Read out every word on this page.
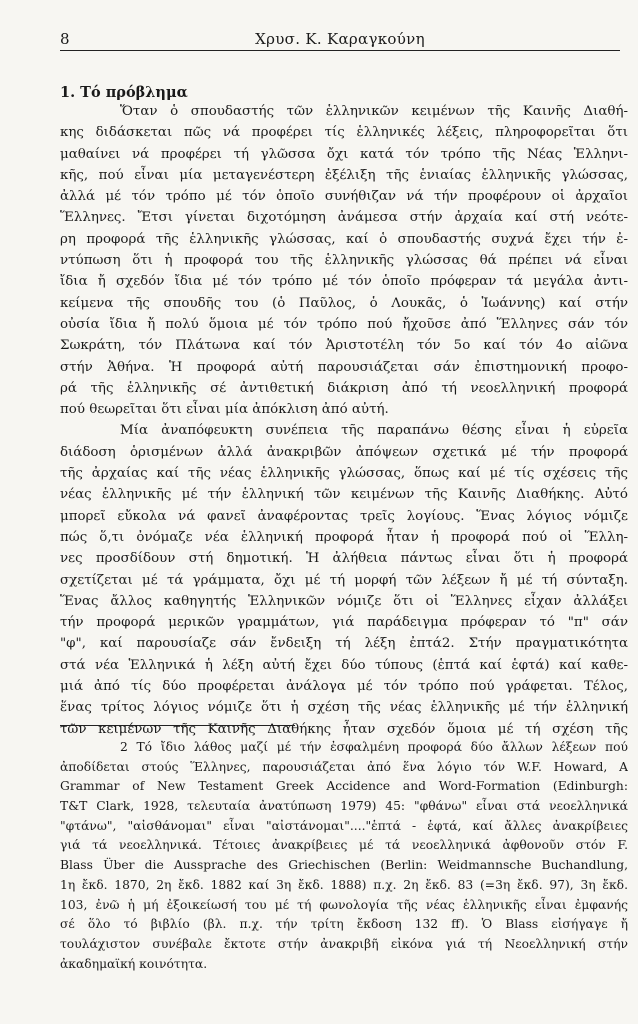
8	Χρυσ. Κ. Καραγκούνη
1. Τό πρόβλημα
Ὅταν ὁ σπουδαστής τῶν ἑλληνικῶν κειμένων τῆς Καινῆς Διαθή-
κης διδάσκεται πῶς νά προφέρει τίς ἑλληνικές λέξεις, πληροφορεῖται ὅτι
μαθαίνει νά προφέρει τή γλῶσσα ὄχι κατά τόν τρόπο τῆς Νέας Ἑλληνι-
κῆς, πού εἶναι μία μεταγενέστερη ἐξέλιξη τῆς ἑνιαίας ἑλληνικῆς γλώσσας,
ἀλλά μέ τόν τρόπο μέ τόν ὁποῖο συνήθιζαν νά τήν προφέρουν οἱ ἀρχαῖοι
Ἕλληνες. Ἔτσι γίνεται διχοτόμηση ἀνάμεσα στήν ἀρχαία καί στή νεότε-
ρη προφορά τῆς ἑλληνικῆς γλώσσας, καί ὁ σπουδαστής συχνά ἔχει τήν ἐ-
ντύπωση ὅτι ἡ προφορά του τῆς ἑλληνικῆς γλώσσας θά πρέπει νά εἶναι
ἴδια ἤ σχεδόν ἴδια μέ τόν τρόπο μέ τόν ὁποῖο πρόφεραν τά μεγάλα ἀντι-
κείμενα τῆς σπουδῆς του (ὁ Παῦλος, ὁ Λουκᾶς, ὁ Ἰωάννης) καί στήν
οὐσία ἴδια ἤ πολύ ὅμοια μέ τόν τρόπο πού ἤχοῦσε ἀπό Ἕλληνες σάν τόν
Σωκράτη, τόν Πλάτωνα καί τόν Ἀριστοτέλη τόν 5ο καί τόν 4ο αἰῶνα
στήν Ἀθήνα. Ἡ προφορά αὐτή παρουσιάζεται σάν ἐπιστημονική προφο-
ρά τῆς ἑλληνικῆς σέ ἀντιθετική διάκριση ἀπό τή νεοελληνική προφορά
πού θεωρεῖται ὅτι εἶναι μία ἀπόκλιση ἀπό αὐτή.
Μία ἀναπόφευκτη συνέπεια τῆς παραπάνω θέσης εἶναι ἡ εὐρεῖα
διάδοση ὁρισμένων ἀλλά ἀνακριβῶν ἀπόψεων σχετικά μέ τήν προφορά
τῆς ἀρχαίας καί τῆς νέας ἑλληνικῆς γλώσσας, ὅπως καί μέ τίς σχέσεις τῆς
νέας ἑλληνικῆς μέ τήν ἑλληνική τῶν κειμένων τῆς Καινῆς Διαθήκης. Αὐτό
μπορεῖ εὔκολα νά φανεῖ ἀναφέροντας τρεῖς λογίους. Ἕνας λόγιος νόμιζε
πώς ὅ,τι ὀνόμαζε νέα ἑλληνική προφορά ἦταν ἡ προφορά πού οἱ Ἕλλη-
νες προσδίδουν στή δημοτική. Ἡ ἀλήθεια πάντως εἶναι ὅτι ἡ προφορά
σχετίζεται μέ τά γράμματα, ὄχι μέ τή μορφή τῶν λέξεων ἤ μέ τή σύνταξη.
Ἕνας ἄλλος καθηγητής Ἑλληνικῶν νόμιζε ὅτι οἱ Ἕλληνες εἶχαν ἀλλάξει
τήν προφορά μερικῶν γραμμάτων, γιά παράδειγμα πρόφεραν τό "π" σάν
"φ", καί παρουσίαζε σάν ἔνδειξη τή λέξη ἐπτά2. Στήν πραγματικότητα
στά νέα Ἑλληνικά ἡ λέξη αὐτή ἔχει δύο τύπους (ἑπτά καί ἑφτά) καί καθε-
μιά ἀπό τίς δύο προφέρεται ἀνάλογα μέ τόν τρόπο πού γράφεται. Τέλος,
ἕνας τρίτος λόγιος νόμιζε ὅτι ἡ σχέση τῆς νέας ἑλληνικῆς μέ τήν ἑλληνική
τῶν κειμένων τῆς Καινῆς Διαθήκης ἦταν σχεδόν ὅμοια μέ τή σχέση τῆς
2 Τό ἴδιο λάθος μαζί μέ τήν ἐσφαλμένη προφορά δύο ἄλλων λέξεων πού
ἀποδίδεται στούς Ἕλληνες, παρουσιάζεται ἀπό ἕνα λόγιο τόν W.F. Howard, A
Grammar of New Testament Greek Accidence and Word-Formation (Edinburgh:
T&T Clark, 1928, τελευταία ἀνατύπωση 1979) 45: "φθάνω" εἶναι στά νεοελληνικά
"φτάνω", "αἰσθάνομαι" εἶναι "αἰστάνομαι"...."ἑπτά - ἑφτά, καί ἄλλες ἀνακρίβειες
γιά τά νεοελληνικά. Τέτοιες ἀνακρίβειες μέ τά νεοελληνικά ἀφθονοῦν στόν F.
Blass Über die Aussprache des Griechischen (Berlin: Weidmannsche Buchandlung,
1η ἔκδ. 1870, 2η ἔκδ. 1882 καί 3η ἔκδ. 1888) π.χ. 2η ἔκδ. 83 (=3η ἔκδ. 97), 3η ἔκδ.
103, ἐνῶ ἡ μή ἐξοικείωσή του μέ τή φωνολογία τῆς νέας ἑλληνικῆς εἶναι ἐμφανής
σέ ὅλο τό βιβλίο (βλ. π.χ. τήν τρίτη ἔκδοση 132 ff). Ὁ Blass εἰσήγαγε ἤ
τουλάχιστον συνέβαλε ἔκτοτε στήν ἀνακριβῆ εἰκόνα γιά τή Νεοελληνική στήν
ἀκαδημαϊκή κοινότητα.
